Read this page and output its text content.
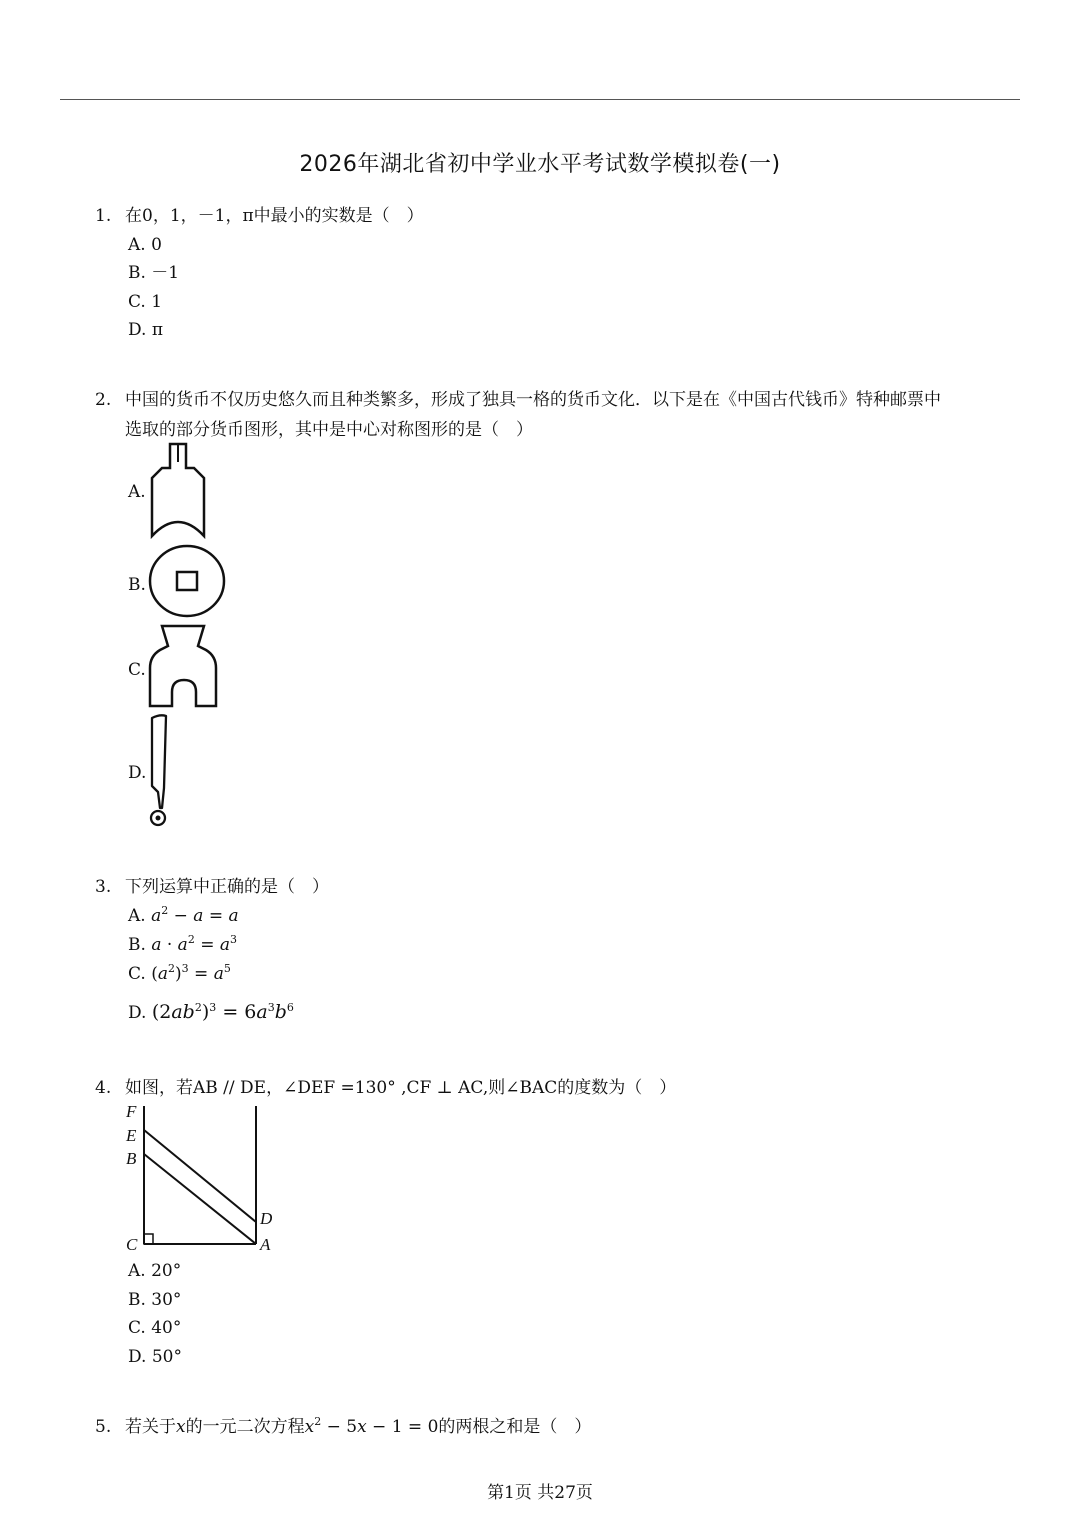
2026年湖北省初中学业水平考试数学模拟卷(一)
1. 在0，1，－1，π中最小的实数是（　）
A. 0
B. －1
C. 1
D. π
2. 中国的货币不仅历史悠久而且种类繁多，形成了独具一格的货币文化．以下是在《中国古代钱币》特种邮票中
选取的部分货币图形，其中是中心对称图形的是（　）
A.
B.
C.
D.
3. 下列运算中正确的是（　）
A. $a^2 - a = a$
B. $a \cdot a^2 = a^3$
C. $(a^2)^3 = a^5$
D. $(2ab^2)^3 = 6a^3b^6$
4. 如图，若AB // DE，∠DEF =130° ,CF ⊥ AC,则∠BAC的度数为（　）
F
E
B
C
D
A
A. 20°
B. 30°
C. 40°
D. 50°
5. 若关于x的一元二次方程$x^2 - 5x - 1 = 0$的两根之和是（　）
第1页 共27页
